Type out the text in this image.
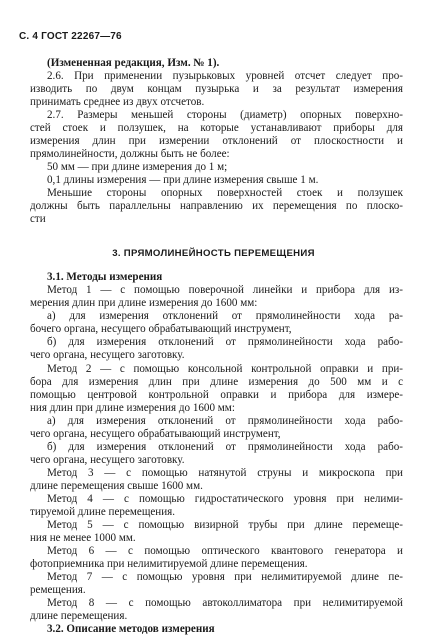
С. 4 ГОСТ 22267—76
(Измененная редакция, Изм. № 1).
2.6. При применении пузырьковых уровней отсчет следует про-
изводить по двум концам пузырька и за результат измерения
принимать среднее из двух отсчетов.
2.7. Размеры меньшей стороны (диаметр) опорных поверхно-
стей стоек и ползушек, на которые устанавливают приборы для
измерения длин при измерении отклонений от плоскостности и
прямолинейности, должны быть не более:
50 мм — при длине измерения до 1 м;
0,1 длины измерения — при длине измерения свыше 1 м.
Меньшие стороны опорных поверхностей стоек и ползушек
должны быть параллельны направлению их перемещения по плоско-
сти
3. ПРЯМОЛИНЕЙНОСТЬ ПЕРЕМЕЩЕНИЯ
3.1. Методы измерения
Метод 1 — с помощью поверочной линейки и прибора для из-
мерения длин при длине измерения до 1600 мм:
а) для измерения отклонений от прямолинейности хода ра-
бочего органа, несущего обрабатывающий инструмент,
б) для измерения отклонений от прямолинейности хода рабо-
чего органа, несущего заготовку.
Метод 2 — с помощью консольной контрольной оправки и при-
бора для измерения длин при длине измерения до 500 мм и с
помощью центровой контрольной оправки и прибора для измере-
ния длин при длине измерения до 1600 мм:
а) для измерения отклонений от прямолинейности хода рабо-
чего органа, несущего обрабатывающий инструмент,
б) для измерения отклонений от прямолинейности хода рабо-
чего органа, несущего заготовку.
Метод 3 — с помощью натянутой струны и микроскопа при
длине перемещения свыше 1600 мм.
Метод 4 — с помощью гидростатического уровня при нелими-
тируемой длине перемещения.
Метод 5 — с помощью визирной трубы при длине перемеще-
ния не менее 1000 мм.
Метод 6 — с помощью оптического квантового генератора и
фотоприемника при нелимитируемой длине перемещения.
Метод 7 — с помощью уровня при нелимитируемой длине пе-
ремещения.
Метод 8 — с помощью автоколлиматора при нелимитируемой
длине перемещения.
3.2. Описание методов измерения
